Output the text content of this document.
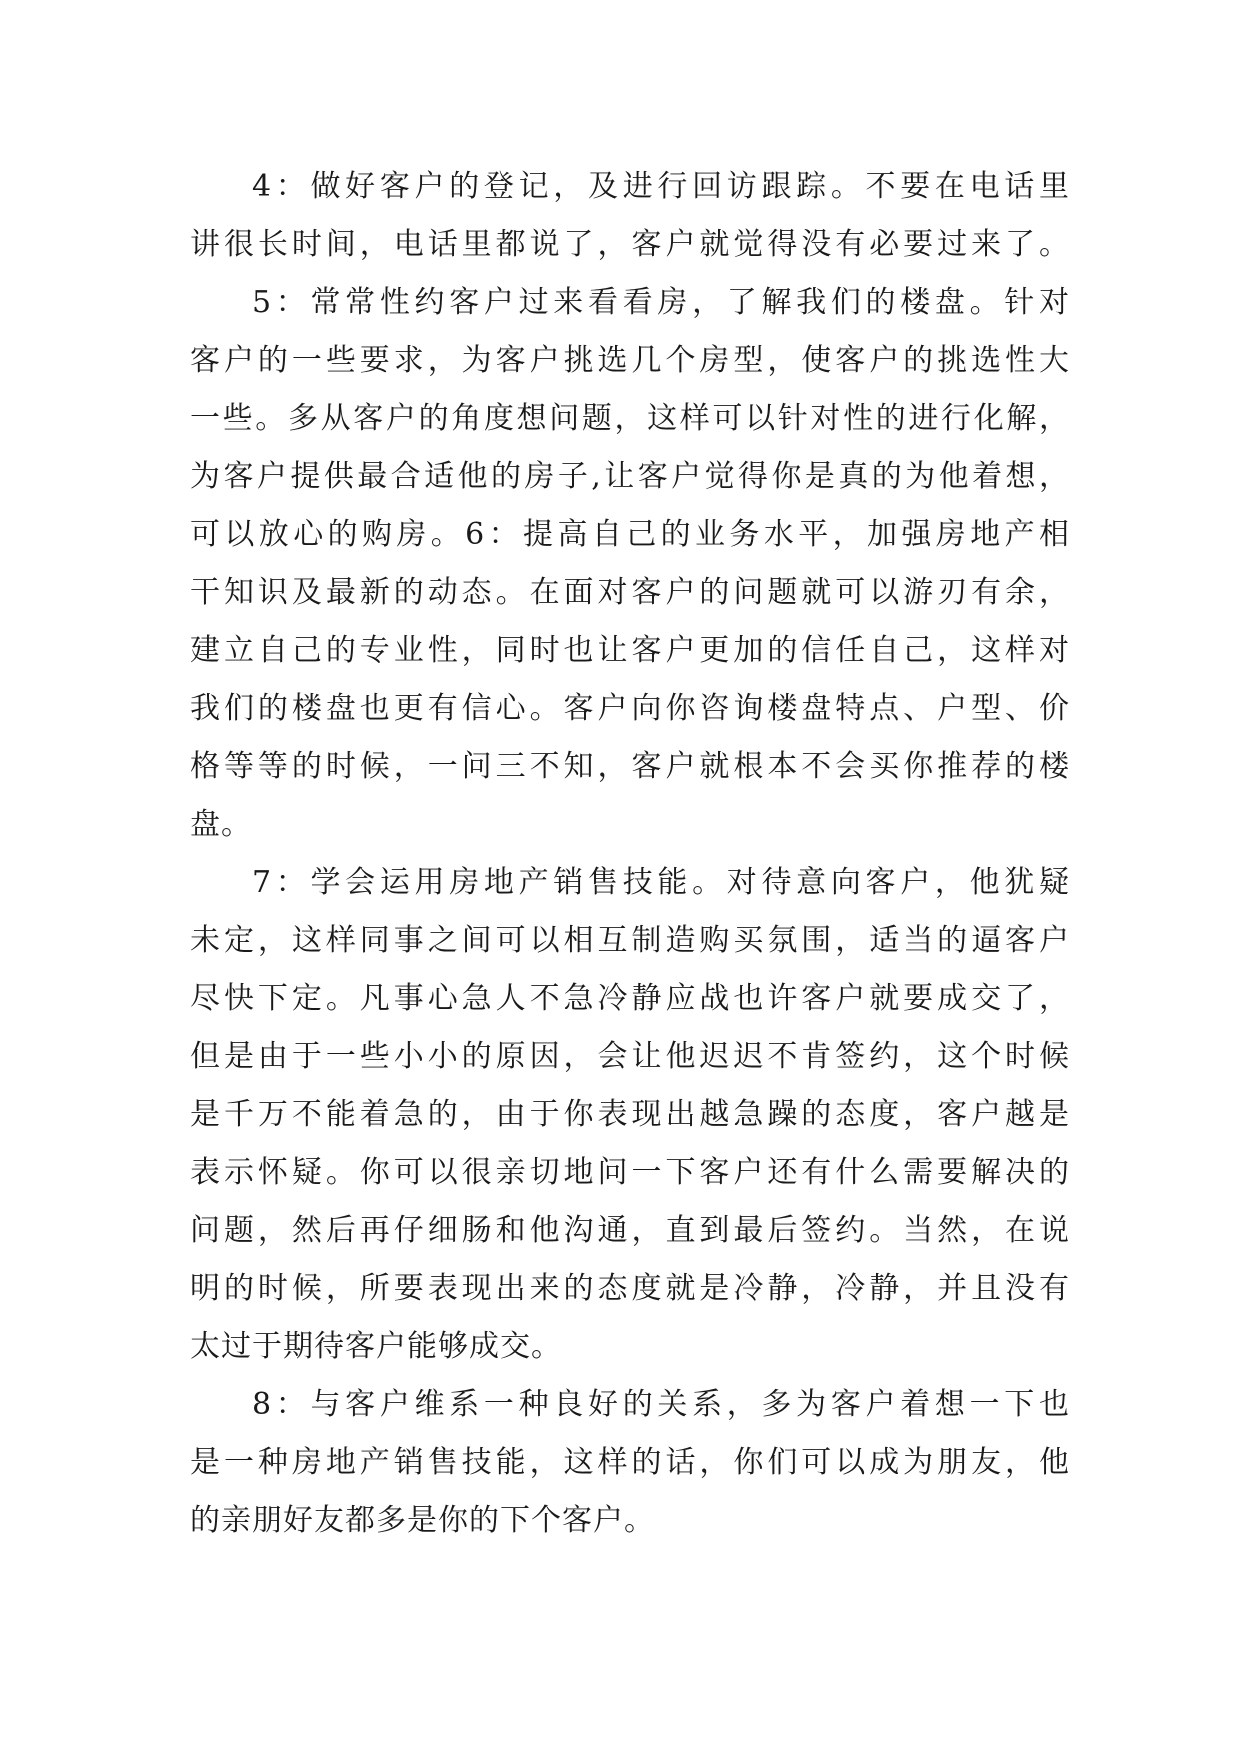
4：做好客户的登记，及进行回访跟踪。不要在电话里
讲很长时间，电话里都说了，客户就觉得没有必要过来了。
5：常常性约客户过来看看房，了解我们的楼盘。针对
客户的一些要求，为客户挑选几个房型，使客户的挑选性大
一些。多从客户的角度想问题，这样可以针对性的进行化解，
为客户提供最合适他的房子,让客户觉得你是真的为他着想，
可以放心的购房。6：提高自己的业务水平，加强房地产相
干知识及最新的动态。在面对客户的问题就可以游刃有余，
建立自己的专业性，同时也让客户更加的信任自己，这样对
我们的楼盘也更有信心。客户向你咨询楼盘特点、户型、价
格等等的时候，一问三不知，客户就根本不会买你推荐的楼
盘。
7：学会运用房地产销售技能。对待意向客户，他犹疑
未定，这样同事之间可以相互制造购买氛围，适当的逼客户
尽快下定。凡事心急人不急冷静应战也许客户就要成交了，
但是由于一些小小的原因，会让他迟迟不肯签约，这个时候
是千万不能着急的，由于你表现出越急躁的态度，客户越是
表示怀疑。你可以很亲切地问一下客户还有什么需要解决的
问题，然后再仔细肠和他沟通，直到最后签约。当然，在说
明的时候，所要表现出来的态度就是冷静，冷静，并且没有
太过于期待客户能够成交。
8：与客户维系一种良好的关系，多为客户着想一下也
是一种房地产销售技能，这样的话，你们可以成为朋友，他
的亲朋好友都多是你的下个客户。
